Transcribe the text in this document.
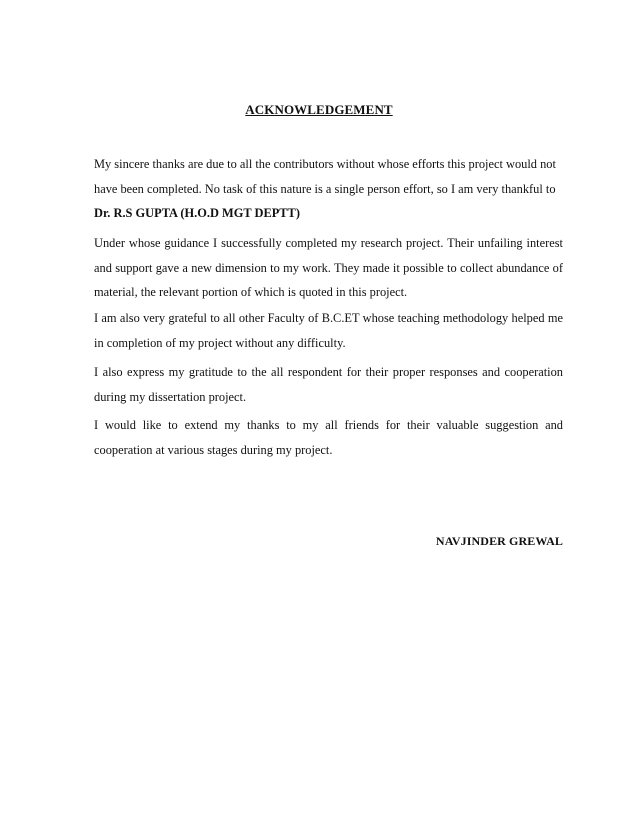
ACKNOWLEDGEMENT
My sincere thanks are due to all the contributors without whose efforts this project would not
have been completed. No task of this nature is a single person effort, so I am very thankful to
Dr. R.S GUPTA (H.O.D MGT DEPTT)
Under whose guidance I successfully completed my research project. Their unfailing interest and support gave a new dimension to my work. They made it possible to collect abundance of material, the relevant portion of which is quoted in this project.
I am also very grateful to all other Faculty of B.C.ET whose teaching methodology helped me in completion of my project without any difficulty.
I also express my gratitude to the all respondent for their proper responses and cooperation during my dissertation project.
I would like to extend my thanks to my all friends for their valuable suggestion and cooperation at various stages during my project.
NAVJINDER GREWAL
